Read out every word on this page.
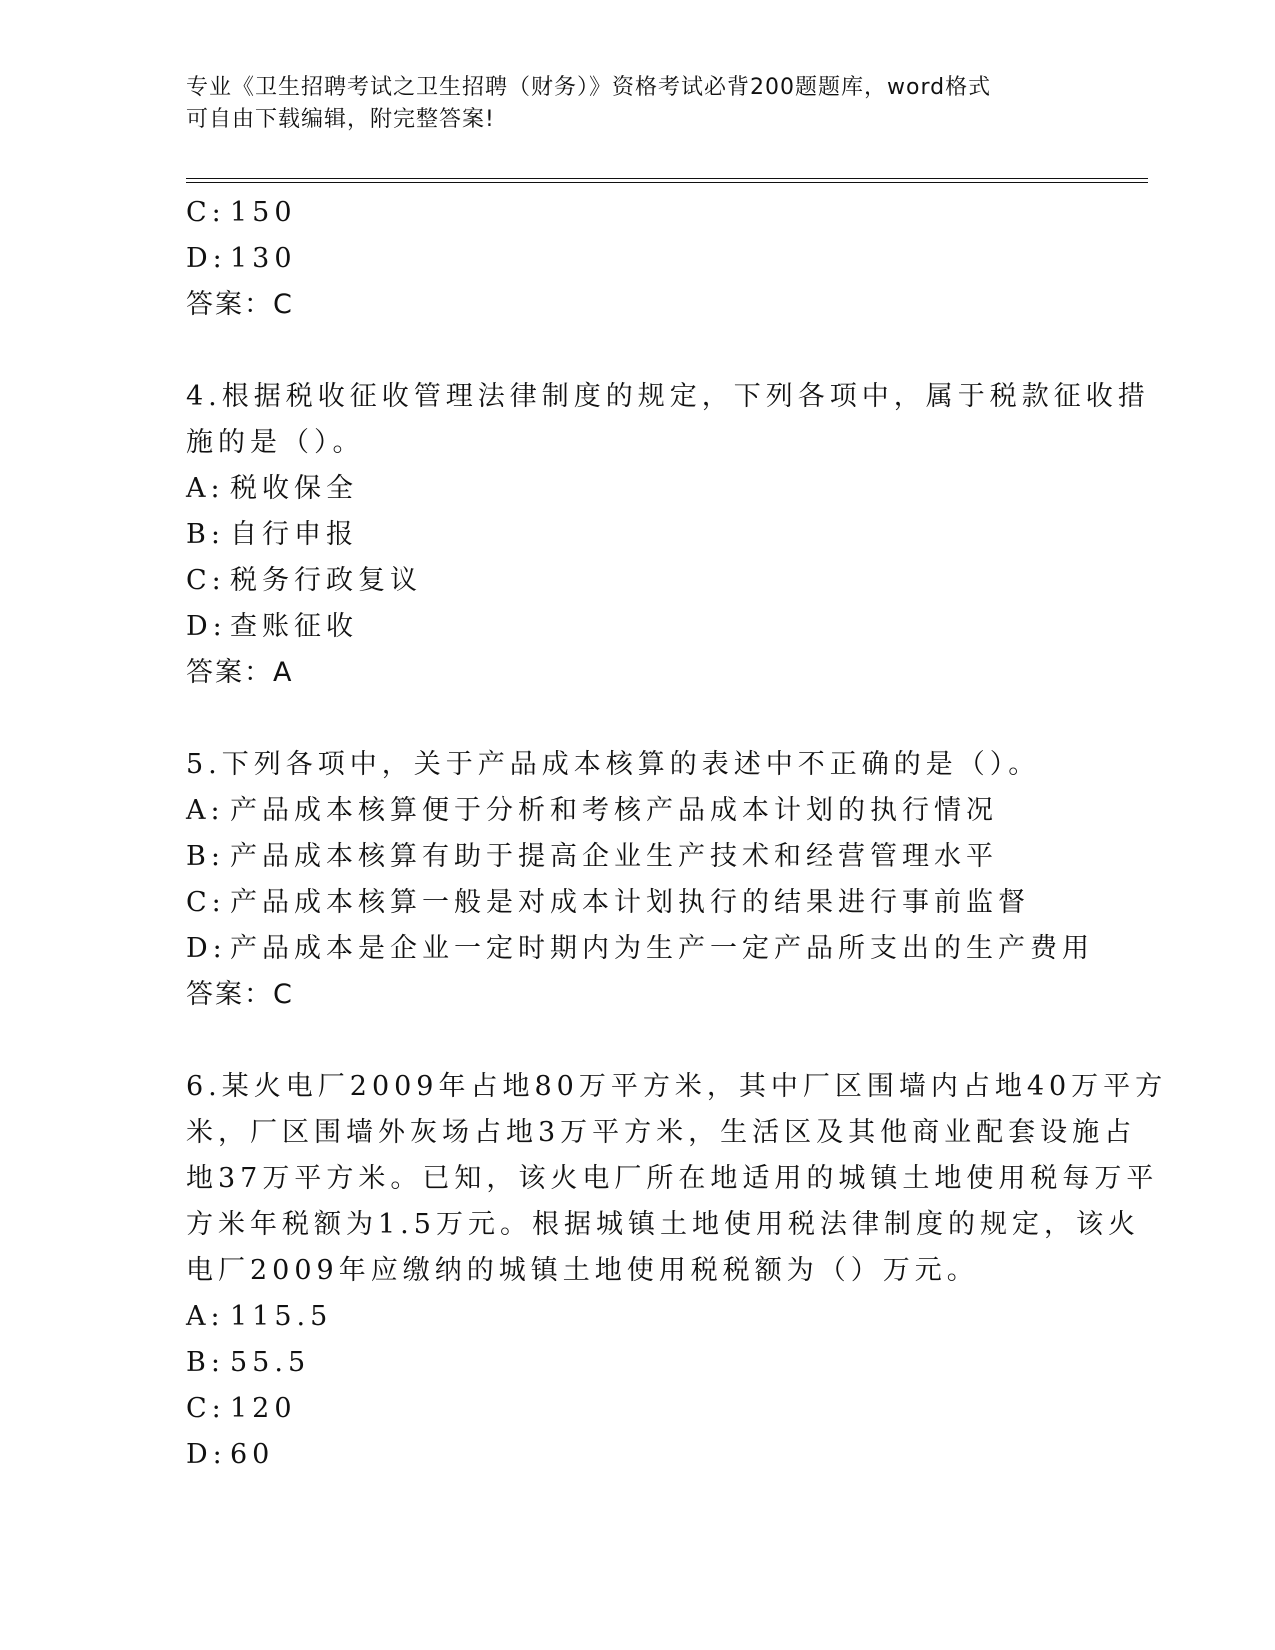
专业《卫生招聘考试之卫生招聘（财务）》资格考试必背200题题库，word格式
可自由下载编辑，附完整答案!
C: 150
D: 130
答案：C
4.根据税收征收管理法律制度的规定，下列各项中，属于税款征收措
施的是（）。
A: 税收保全
B: 自行申报
C: 税务行政复议
D: 查账征收
答案：A
5.下列各项中，关于产品成本核算的表述中不正确的是（）。
A: 产品成本核算便于分析和考核产品成本计划的执行情况
B: 产品成本核算有助于提高企业生产技术和经营管理水平
C: 产品成本核算一般是对成本计划执行的结果进行事前监督
D: 产品成本是企业一定时期内为生产一定产品所支出的生产费用
答案：C
6.某火电厂2009年占地80万平方米，其中厂区围墙内占地40万平方
米，厂区围墙外灰场占地3万平方米，生活区及其他商业配套设施占
地37万平方米。已知，该火电厂所在地适用的城镇土地使用税每万平
方米年税额为1.5万元。根据城镇土地使用税法律制度的规定，该火
电厂2009年应缴纳的城镇土地使用税税额为（）万元。
A: 115.5
B: 55.5
C: 120
D: 60
